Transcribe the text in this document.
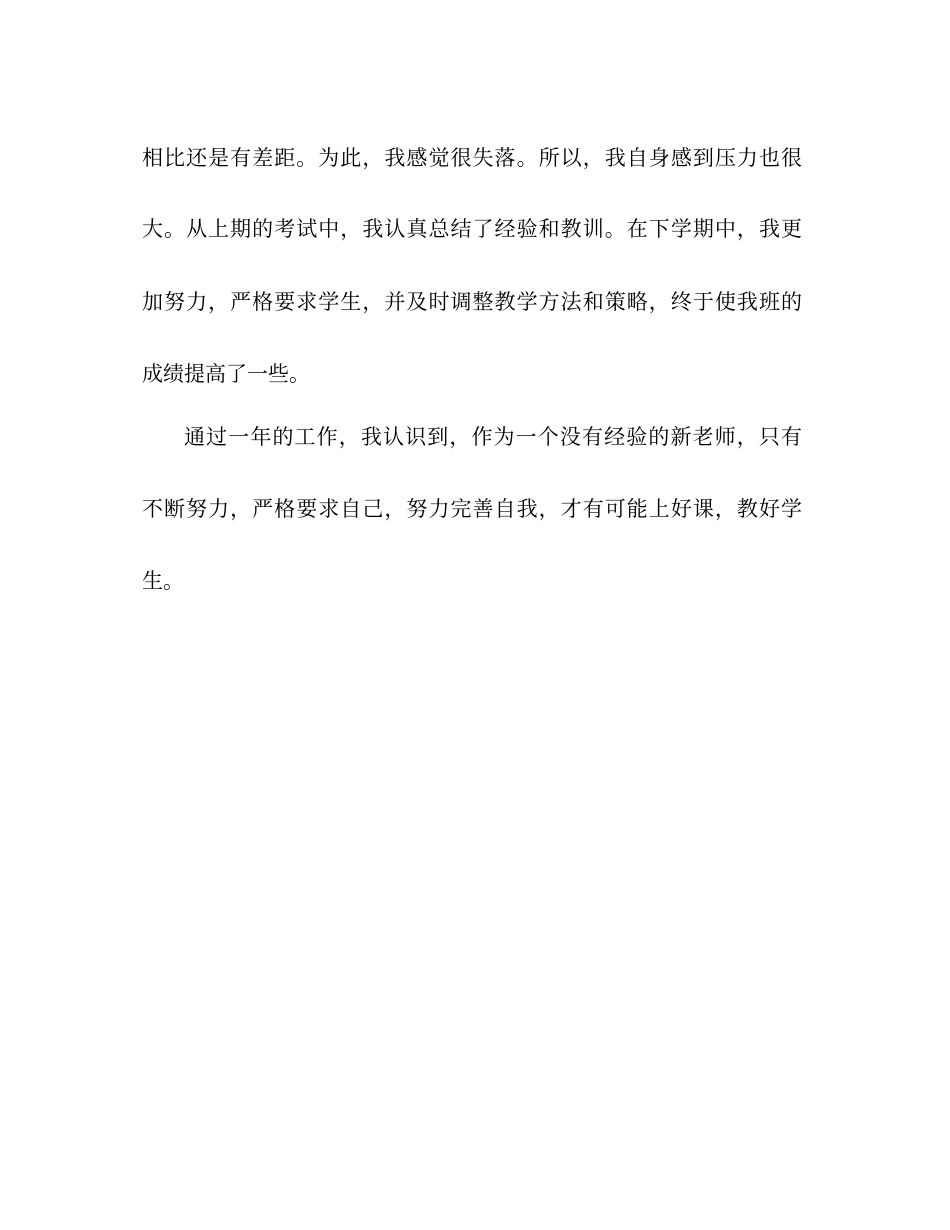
相比还是有差距。为此，我感觉很失落。所以，我自身感到压力也很
大。从上期的考试中，我认真总结了经验和教训。在下学期中，我更
加努力，严格要求学生，并及时调整教学方法和策略，终于使我班的
成绩提高了一些。
通过一年的工作，我认识到，作为一个没有经验的新老师，只有
不断努力，严格要求自己，努力完善自我，才有可能上好课，教好学
生。
